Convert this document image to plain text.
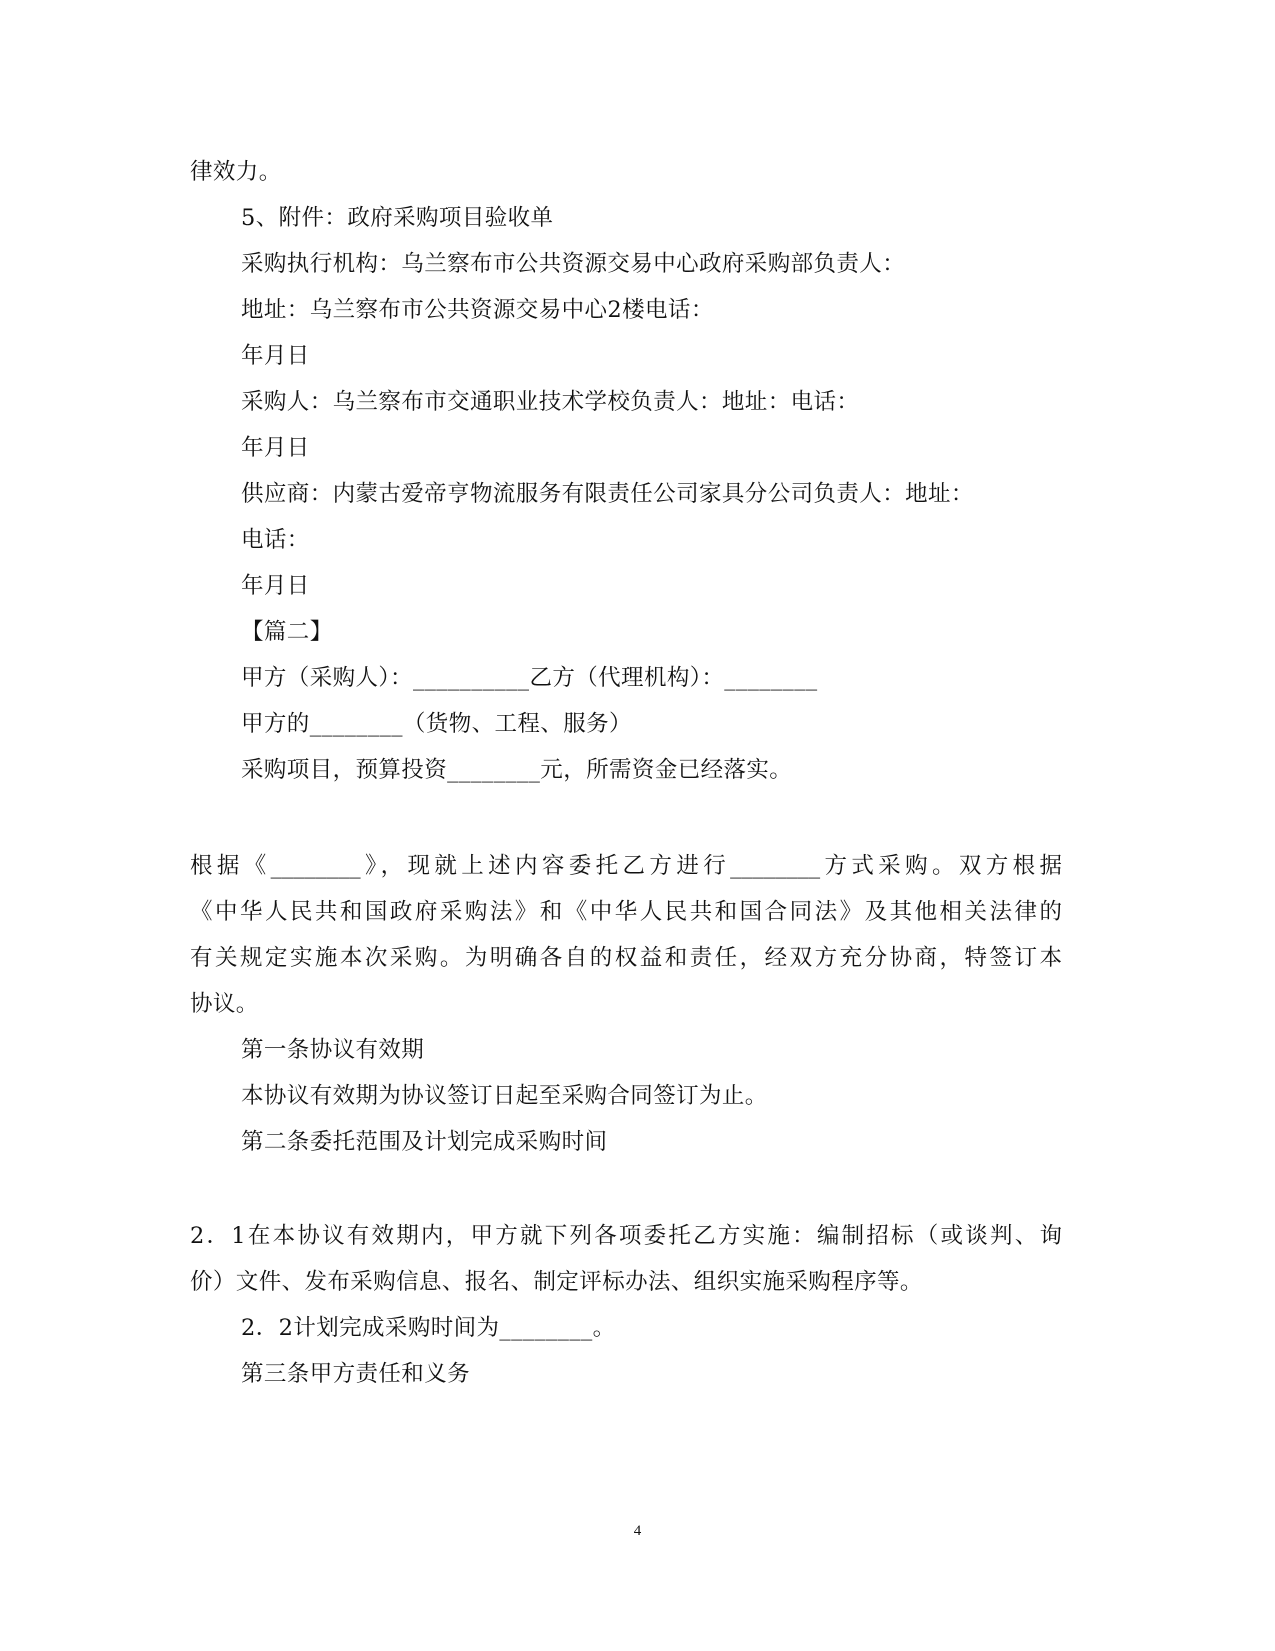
律效力。
5、附件：政府采购项目验收单
采购执行机构：乌兰察布市公共资源交易中心政府采购部负责人：
地址：乌兰察布市公共资源交易中心2楼电话：
年月日
采购人：乌兰察布市交通职业技术学校负责人：地址：电话：
年月日
供应商：内蒙古爱帝亨物流服务有限责任公司家具分公司负责人：地址：
电话：
年月日
【篇二】
甲方（采购人）：__________乙方（代理机构）：________
甲方的________（货物、工程、服务）
采购项目，预算投资________元，所需资金已经落实。
根据《________》，现就上述内容委托乙方进行________方式采购。双方根据
《中华人民共和国政府采购法》和《中华人民共和国合同法》及其他相关法律的
有关规定实施本次采购。为明确各自的权益和责任，经双方充分协商，特签订本
协议。
第一条协议有效期
本协议有效期为协议签订日起至采购合同签订为止。
第二条委托范围及计划完成采购时间
2．1在本协议有效期内，甲方就下列各项委托乙方实施：编制招标（或谈判、询
价）文件、发布采购信息、报名、制定评标办法、组织实施采购程序等。
2．2计划完成采购时间为________。
第三条甲方责任和义务
4
